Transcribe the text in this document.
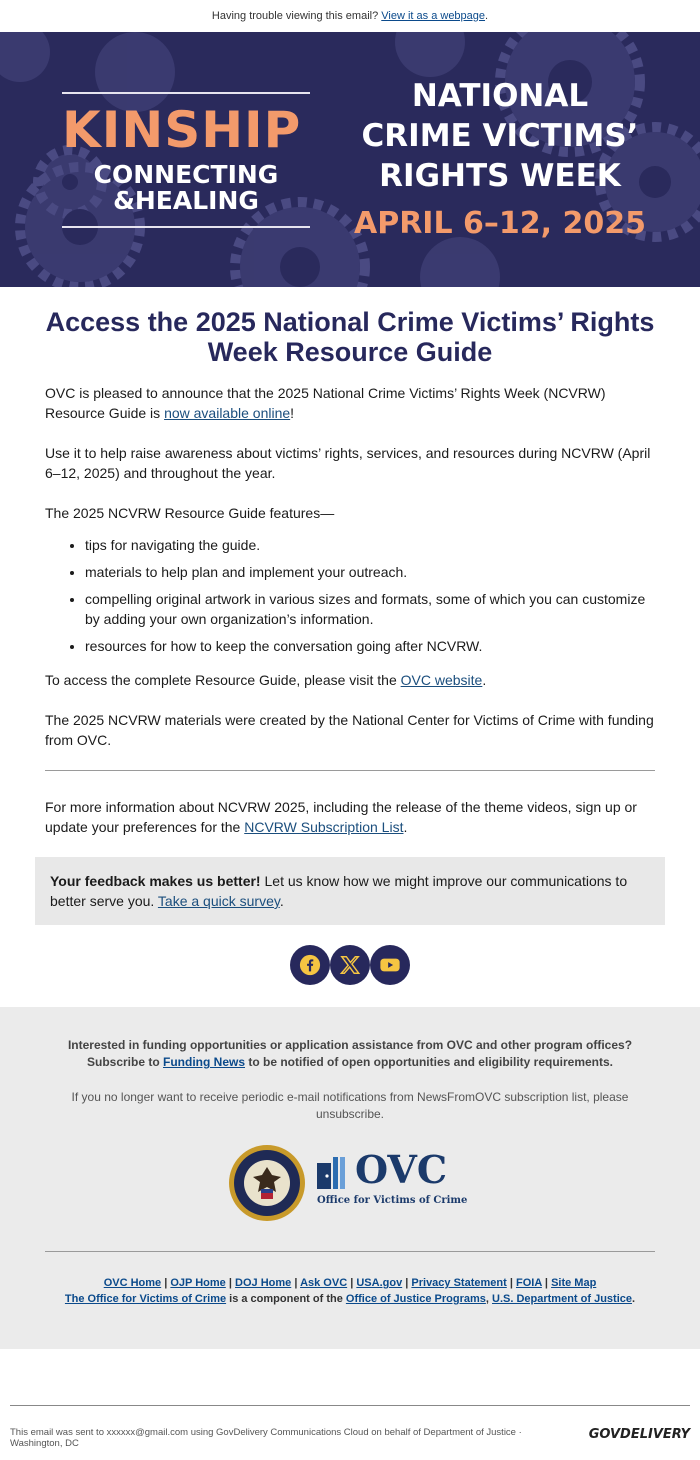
Having trouble viewing this email? View it as a webpage.
KINSHIP
CONNECTING
&HEALING
NATIONAL
CRIME VICTIMS’
RIGHTS WEEK
APRIL 6–12, 2025
Access the 2025 National Crime Victims’ Rights Week Resource Guide

OVC is pleased to announce that the 2025 National Crime Victims’ Rights Week (NCVRW) Resource Guide is now available online!

Use it to help raise awareness about victims’ rights, services, and resources during NCVRW (April 6–12, 2025) and throughout the year.

The 2025 NCVRW Resource Guide features—

• tips for navigating the guide.
• materials to help plan and implement your outreach.
• compelling original artwork in various sizes and formats, some of which you can customize by adding your own organization’s information.
• resources for how to keep the conversation going after NCVRW.

To access the complete Resource Guide, please visit the OVC website.

The 2025 NCVRW materials were created by the National Center for Victims of Crime with funding from OVC.

For more information about NCVRW 2025, including the release of the theme videos, sign up or update your preferences for the NCVRW Subscription List.

Your feedback makes us better! Let us know how we might improve our communications to better serve you. Take a quick survey.

Interested in funding opportunities or application assistance from OVC and other program offices?
Subscribe to Funding News to be notified of open opportunities and eligibility requirements.
If you no longer want to receive periodic e-mail notifications from NewsFromOVC subscription list, please unsubscribe.
OVC
Office for Victims of Crime
OVC Home | OJP Home | DOJ Home | Ask OVC | USA.gov | Privacy Statement | FOIA | Site Map
The Office for Victims of Crime is a component of the Office of Justice Programs, U.S. Department of Justice.
This email was sent to xxxxxx@gmail.com using GovDelivery Communications Cloud on behalf of Department of Justice · Washington, DC
GOVDELIVERY
